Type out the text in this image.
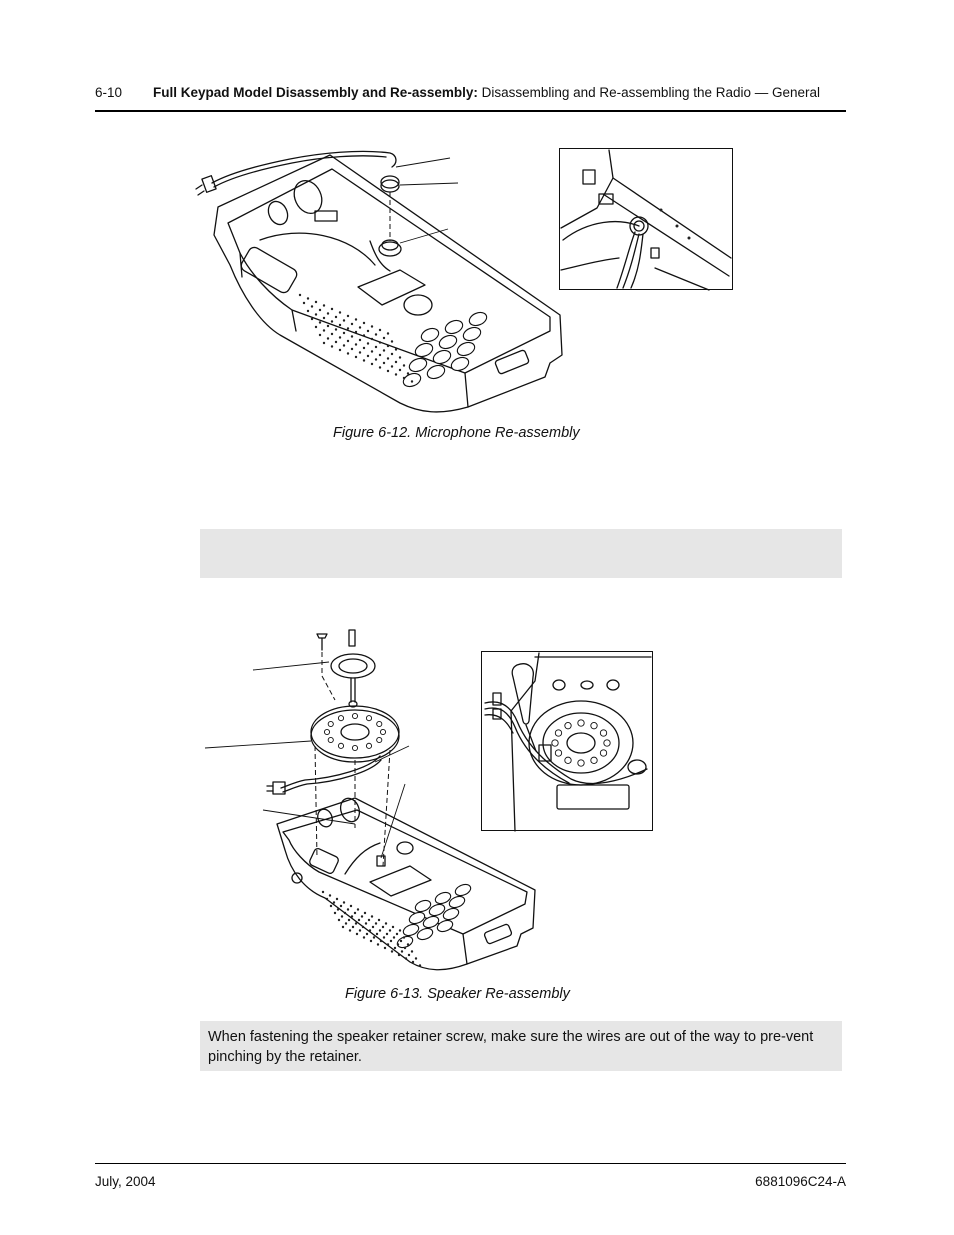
6-10 Full Keypad Model Disassembly and Re-assembly: Disassembling and Re-assembling the Radio — General
Figure 6-12. Microphone Re-assembly
Figure 6-13. Speaker Re-assembly
When fastening the speaker retainer screw, make sure the wires are out of the way to pre-vent pinching by the retainer.
July, 2004	6881096C24-A
